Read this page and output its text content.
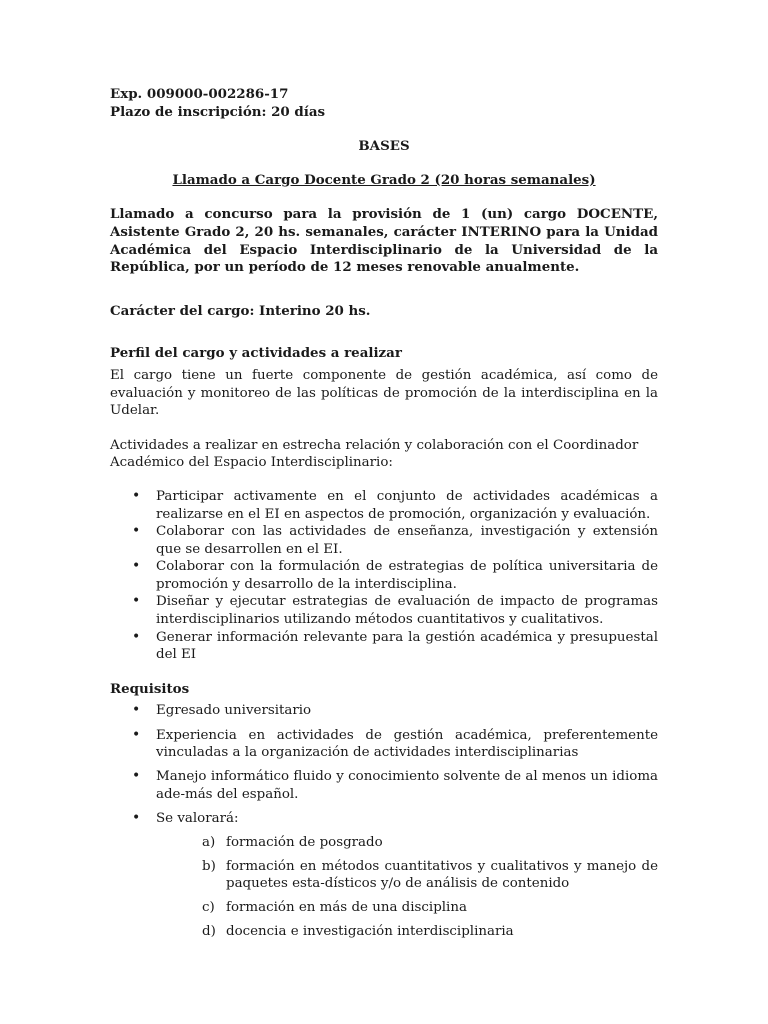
Exp. 009000-002286-17

Plazo de inscripción: 20 días

BASES
Llamado a Cargo Docente Grado 2 (20 horas semanales)
Llamado a concurso para la provisión de 1 (un) cargo DOCENTE, Asistente Grado 2, 20 hs. semanales, carácter INTERINO para la Unidad Académica del Espacio Interdisciplinario de la Universidad de la República, por un período de 12 meses renovable anualmente.
Carácter del cargo: Interino 20 hs.
Perfil del cargo y actividades a realizar
El cargo tiene un fuerte componente de gestión académica, así como de evaluación y monitoreo de las políticas de promoción de la interdisciplina en la Udelar.
Actividades a realizar en estrecha relación y colaboración con el Coordinador
Académico del Espacio Interdisciplinario:
• Participar activamente en el conjunto de actividades académicas a realizarse en el EI en aspectos de promoción, organización y evaluación.
• Colaborar con las actividades de enseñanza, investigación y extensión que se desarrollen en el EI.
• Colaborar con la formulación de estrategias de política universitaria de promoción y desarrollo de la interdisciplina.
• Diseñar y ejecutar estrategias de evaluación de impacto de programas interdisciplinarios utilizando métodos cuantitativos y cualitativos.
• Generar información relevante para la gestión académica y presupuestal del EI
Requisitos
• Egresado universitario
• Experiencia en actividades de gestión académica, preferentemente vinculadas a la organización de actividades interdisciplinarias
• Manejo informático fluido y conocimiento solvente de al menos un idioma ade-más del español.
• Se valorará:
a) formación de posgrado
b) formación en métodos cuantitativos y cualitativos y manejo de paquetes esta-dísticos y/o de análisis de contenido
c) formación en más de una disciplina
d) docencia e investigación interdisciplinaria
